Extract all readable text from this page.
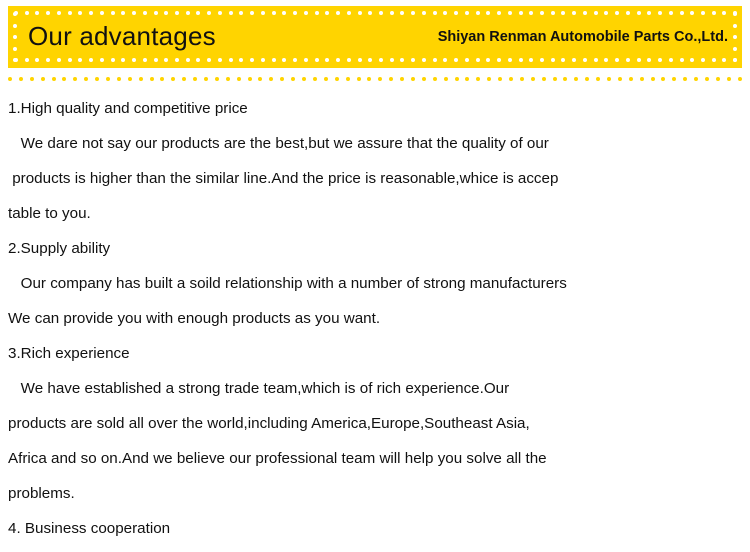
Our advantages	Shiyan Renman Automobile Parts Co.,Ltd.
1.High quality and competitive price
We dare not say our products are the best,but we assure that the quality of our
products is higher than the similar line.And the price is reasonable,whice is accep
table to you.
2.Supply ability
Our company has built a soild relationship with a number of strong manufacturers
We can provide you with enough products as you want.
3.Rich experience
We have established a strong trade team,which is of rich experience.Our
products are sold all over the world,including America,Europe,Southeast Asia,
Africa and so on.And we believe our professional team will help you solve all the
problems.
4. Business cooperation
